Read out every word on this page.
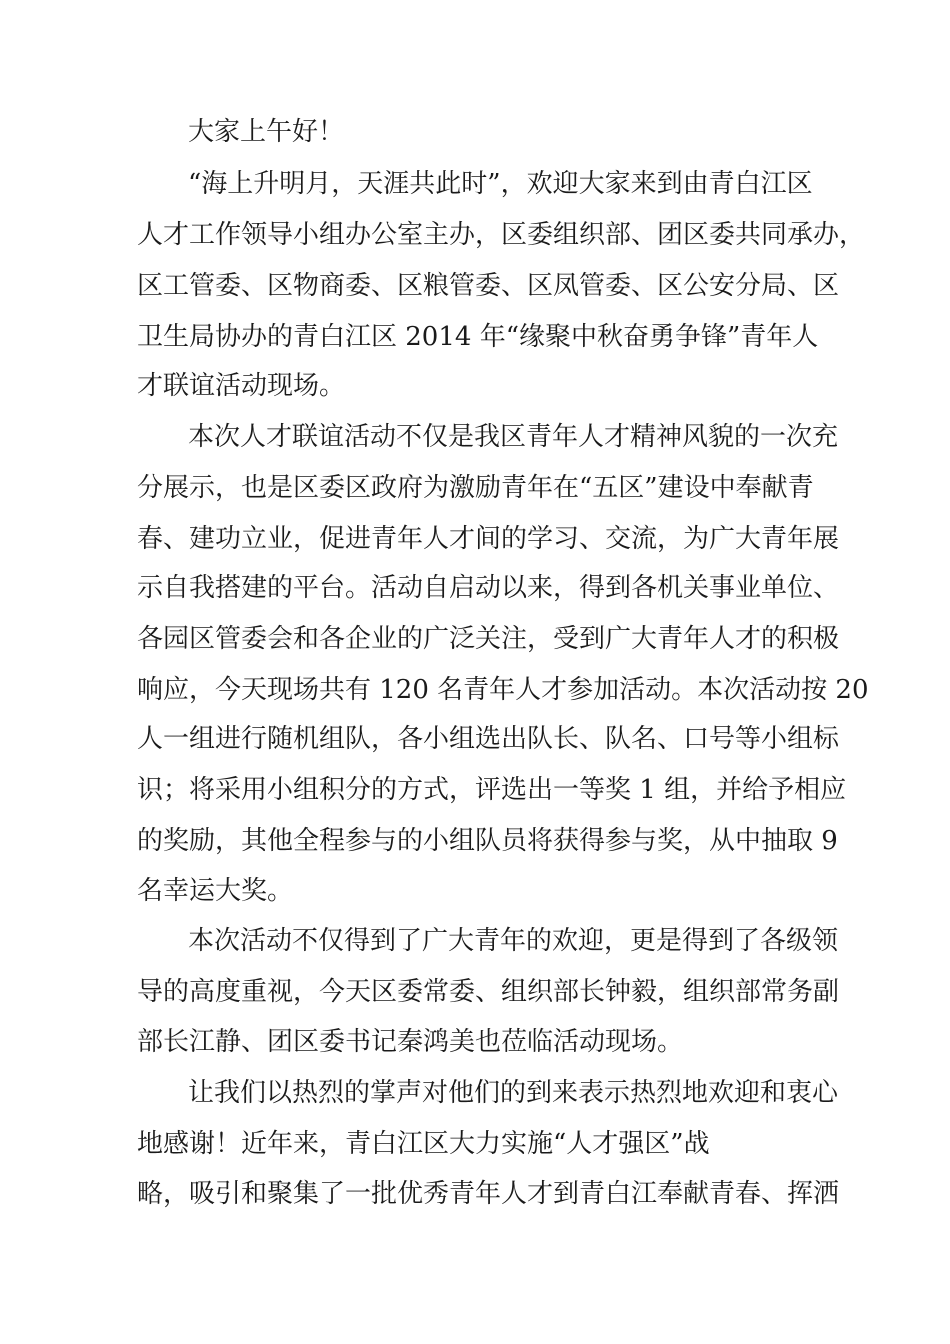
大家上午好！

“海上升明月，天涯共此时”，欢迎大家来到由青白江区

人才工作领导小组办公室主办，区委组织部、团区委共同承办，

区工管委、区物商委、区粮管委、区凤管委、区公安分局、区

卫生局协办的青白江区 2014 年“缘聚中秋奋勇争锋”青年人

才联谊活动现场。

本次人才联谊活动不仅是我区青年人才精神风貌的一次充

分展示，也是区委区政府为激励青年在“五区”建设中奉献青

春、建功立业，促进青年人才间的学习、交流，为广大青年展

示自我搭建的平台。活动自启动以来，得到各机关事业单位、

各园区管委会和各企业的广泛关注，受到广大青年人才的积极

响应，今天现场共有 120 名青年人才参加活动。本次活动按 20

人一组进行随机组队，各小组选出队长、队名、口号等小组标

识；将采用小组积分的方式，评选出一等奖 1 组，并给予相应

的奖励，其他全程参与的小组队员将获得参与奖，从中抽取 9

名幸运大奖。

本次活动不仅得到了广大青年的欢迎，更是得到了各级领

导的高度重视，今天区委常委、组织部长钟毅，组织部常务副

部长江静、团区委书记秦鸿美也莅临活动现场。

让我们以热烈的掌声对他们的到来表示热烈地欢迎和衷心

地感谢！近年来，青白江区大力实施“人才强区”战

略，吸引和聚集了一批优秀青年人才到青白江奉献青春、挥洒
